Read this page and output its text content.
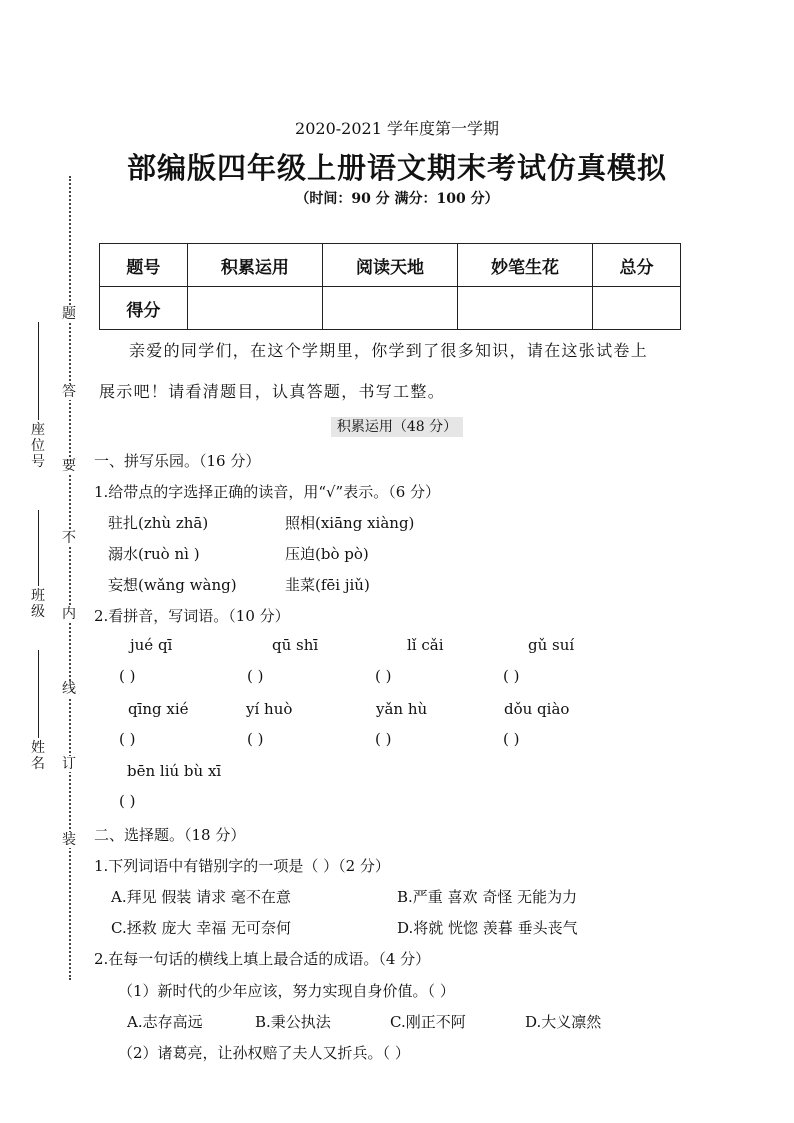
题
答
要
不
内
线
订
装
座位号
班级
姓名
2020-2021 学年度第一学期
部编版四年级上册语文期末考试仿真模拟
（时间：90 分 满分：100 分）
题号	积累运用	阅读天地	妙笔生花	总分
得分				
亲爱的同学们，在这个学期里，你学到了很多知识，请在这张试卷上
展示吧！请看清题目，认真答题，书写工整。
积累运用（48 分）
一、拼写乐园。（16 分）
1.给带点的字选择正确的读音，用“√”表示。（6 分）
驻扎(zhù zhā)	照相(xiāng xiàng)
溺水(ruò nì )	压迫(bò pò)
妄想(wǎng wàng)	韭菜(fēi jiǔ)
2.看拼音，写词语。（10 分）
jué qī	qū shī	lǐ cǎi	gǔ suí
( )	( )	( )	( )
qīng xié	yí huò	yǎn hù	dǒu qiào
( )	( )	( )	( )
bēn liú bù xī
( )
二、选择题。（18 分）
1.下列词语中有错别字的一项是（ ）（2 分）
A.拜见 假装 请求 毫不在意	B.严重 喜欢 奇怪 无能为力
C.拯救 庞大 幸福 无可奈何	D.将就 恍惚 羡暮 垂头丧气
2.在每一句话的横线上填上最合适的成语。（4 分）
（1）新时代的少年应该，努力实现自身价值。（ ）
A.志存高远	B.秉公执法	C.刚正不阿	D.大义凛然
（2）诸葛亮，让孙权赔了夫人又折兵。（ ）
